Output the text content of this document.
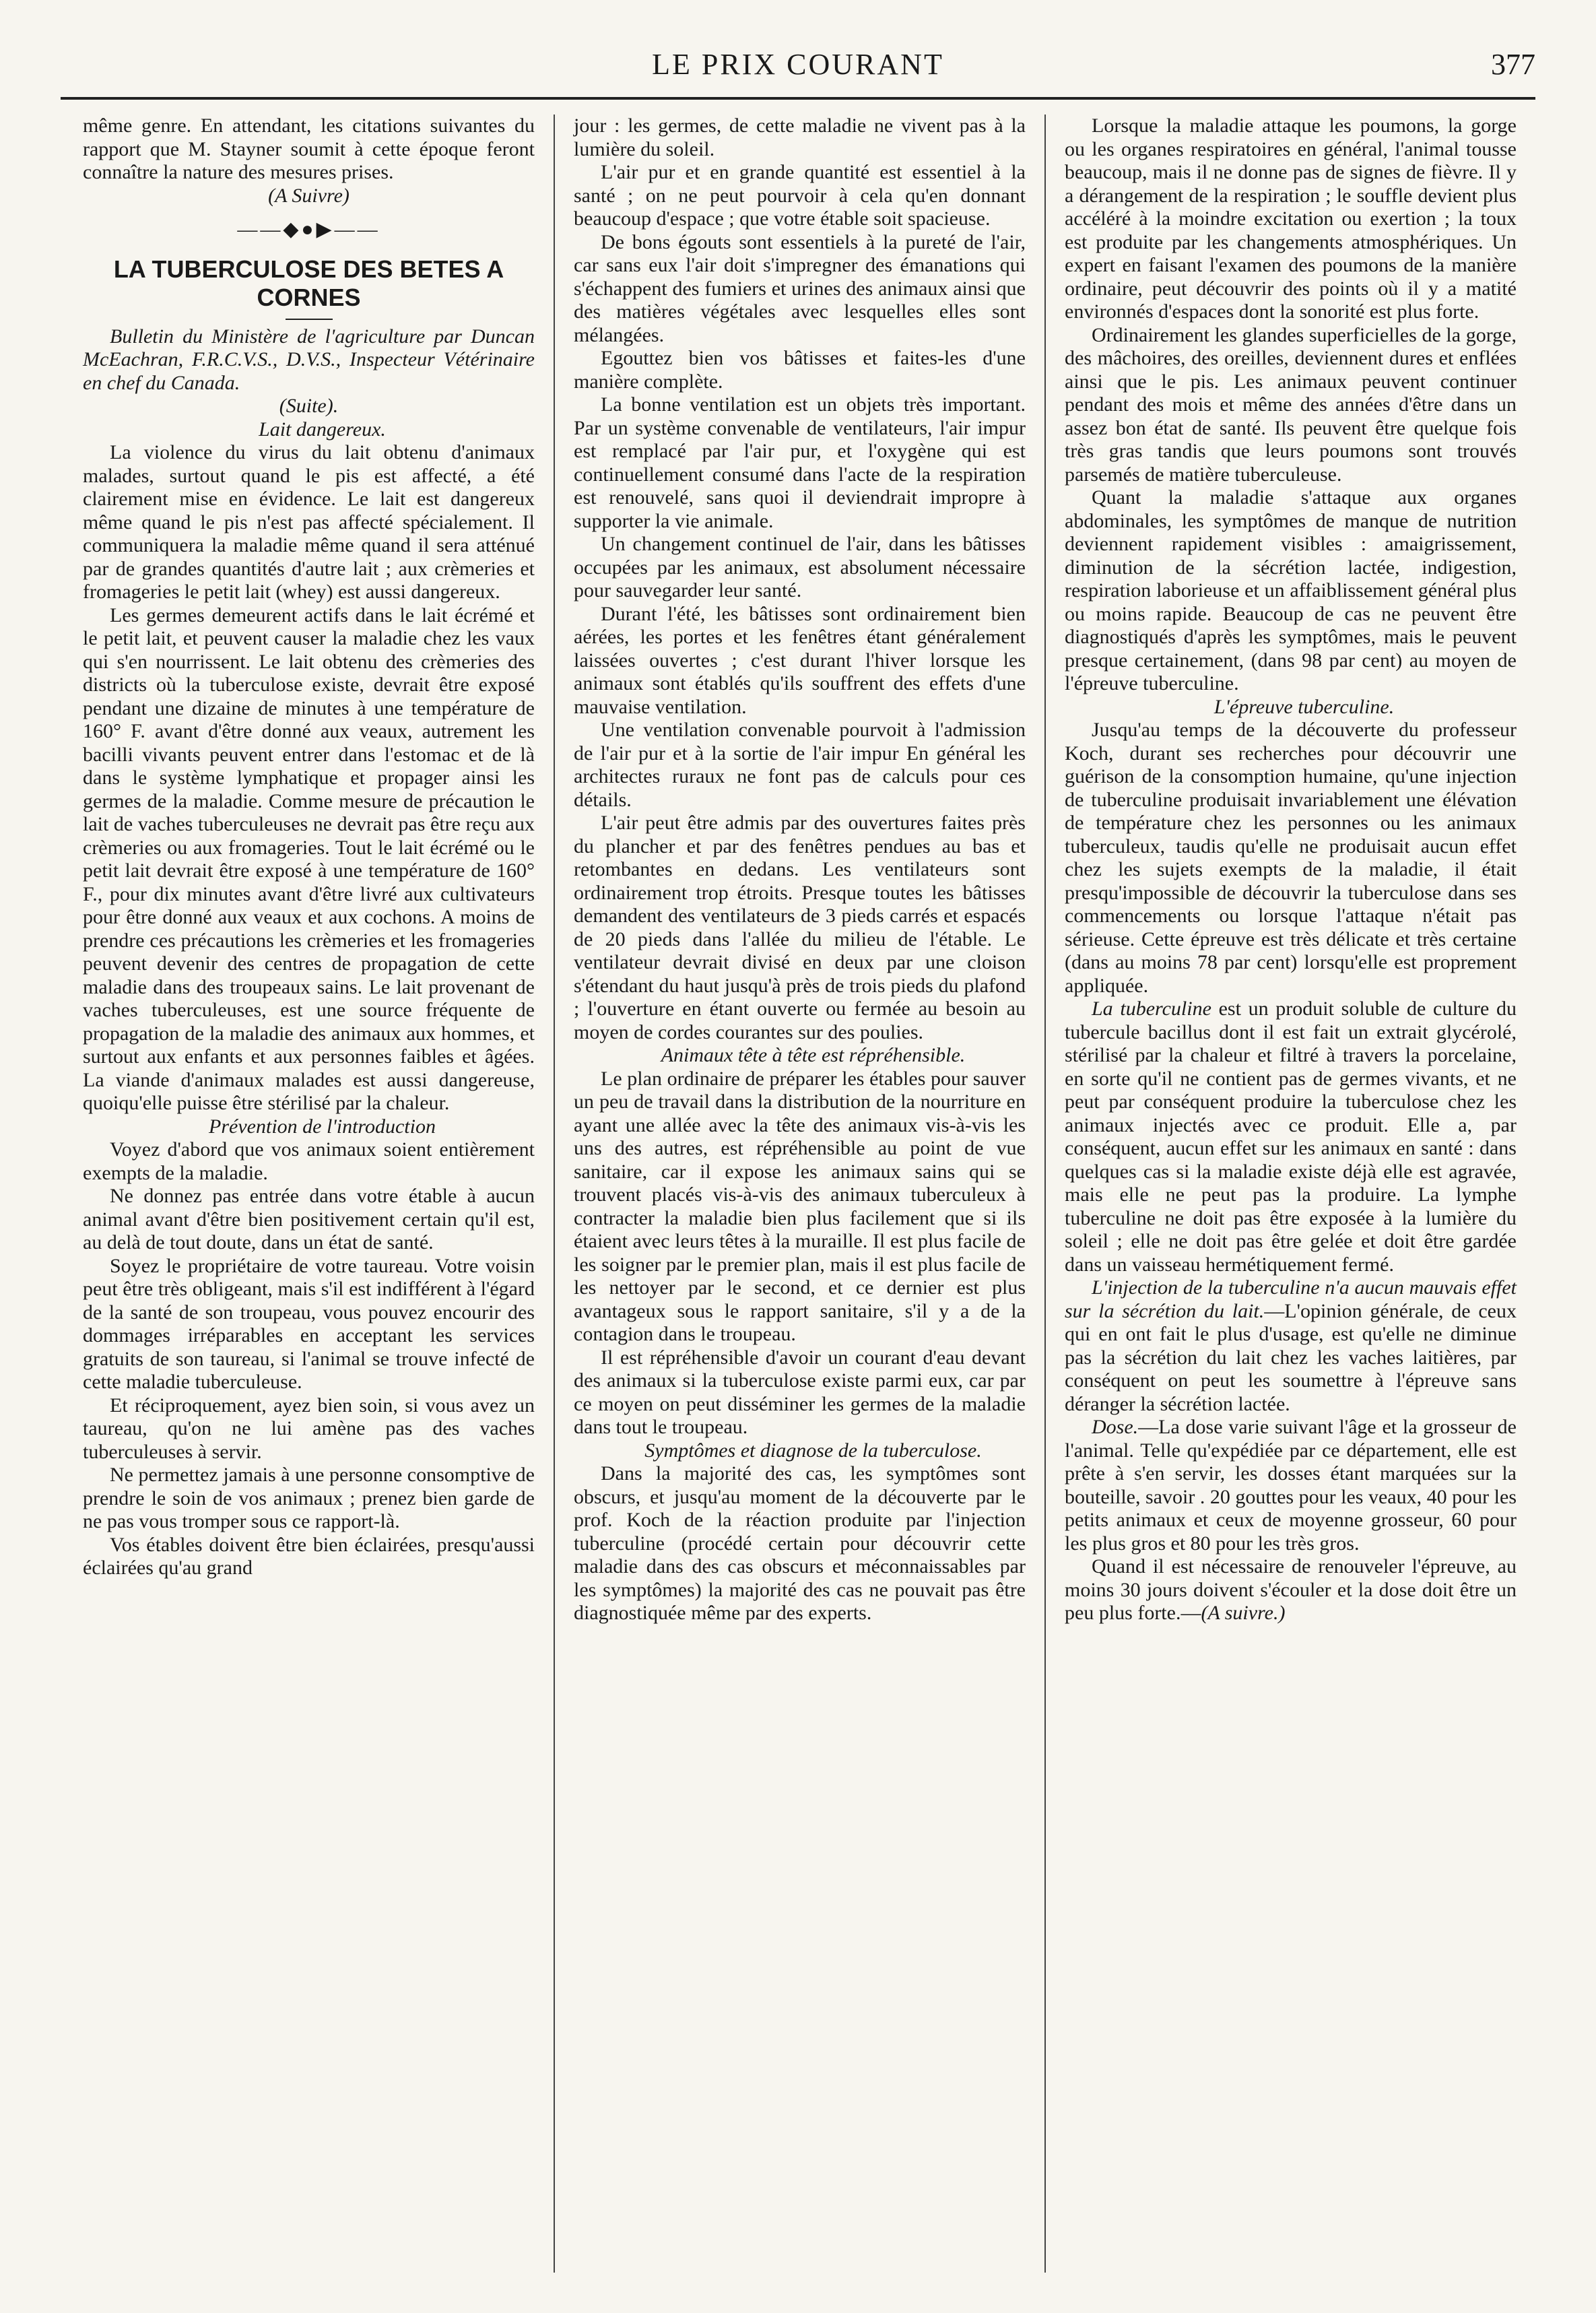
LE PRIX COURANT	377

même genre. En attendant, les citations suivantes du rapport que M. Stayner soumit à cette époque feront connaître la nature des mesures prises.

(A Suivre)

——◆●▶——
LA TUBERCULOSE DES BETES A CORNES

Bulletin du Ministère de l'agriculture par Duncan McEachran, F.R.C.V.S., D.V.S., Inspecteur Vétérinaire en chef du Canada.

(Suite).

Lait dangereux.

La violence du virus du lait obtenu d'animaux malades, surtout quand le pis est affecté, a été clairement mise en évidence. Le lait est dangereux même quand le pis n'est pas affecté spécialement. Il communiquera la maladie même quand il sera atténué par de grandes quantités d'autre lait ; aux crèmeries et fromageries le petit lait (whey) est aussi dangereux.

Les germes demeurent actifs dans le lait écrémé et le petit lait, et peuvent causer la maladie chez les vaux qui s'en nourrissent. Le lait obtenu des crèmeries des districts où la tuberculose existe, devrait être exposé pendant une dizaine de minutes à une température de 160° F. avant d'être donné aux veaux, autrement les bacilli vivants peuvent entrer dans l'estomac et de là dans le système lymphatique et propager ainsi les germes de la maladie. Comme mesure de précaution le lait de vaches tuberculeuses ne devrait pas être reçu aux crèmeries ou aux fromageries. Tout le lait écrémé ou le petit lait devrait être exposé à une température de 160° F., pour dix minutes avant d'être livré aux cultivateurs pour être donné aux veaux et aux cochons. A moins de prendre ces précautions les crèmeries et les fromageries peuvent devenir des centres de propagation de cette maladie dans des troupeaux sains. Le lait provenant de vaches tuberculeuses, est une source fréquente de propagation de la maladie des animaux aux hommes, et surtout aux enfants et aux personnes faibles et âgées. La viande d'animaux malades est aussi dangereuse, quoiqu'elle puisse être stérilisé par la chaleur.

Prévention de l'introduction

Voyez d'abord que vos animaux soient entièrement exempts de la maladie.

Ne donnez pas entrée dans votre étable à aucun animal avant d'être bien positivement certain qu'il est, au delà de tout doute, dans un état de santé.

Soyez le propriétaire de votre taureau. Votre voisin peut être très obligeant, mais s'il est indifférent à l'égard de la santé de son troupeau, vous pouvez encourir des dommages irréparables en acceptant les services gratuits de son taureau, si l'animal se trouve infecté de cette maladie tuberculeuse.

Et réciproquement, ayez bien soin, si vous avez un taureau, qu'on ne lui amène pas des vaches tuberculeuses à servir.

Ne permettez jamais à une personne consomptive de prendre le soin de vos animaux ; prenez bien garde de ne pas vous tromper sous ce rapport-là.

Vos étables doivent être bien éclairées, presqu'aussi éclairées qu'au grand

jour : les germes, de cette maladie ne vivent pas à la lumière du soleil.

L'air pur et en grande quantité est essentiel à la santé ; on ne peut pourvoir à cela qu'en donnant beaucoup d'espace ; que votre étable soit spacieuse.

De bons égouts sont essentiels à la pureté de l'air, car sans eux l'air doit s'impregner des émanations qui s'échappent des fumiers et urines des animaux ainsi que des matières végétales avec lesquelles elles sont mélangées.

Egouttez bien vos bâtisses et faites-les d'une manière complète.

La bonne ventilation est un objets très important. Par un système convenable de ventilateurs, l'air impur est remplacé par l'air pur, et l'oxygène qui est continuellement consumé dans l'acte de la respiration est renouvelé, sans quoi il deviendrait impropre à supporter la vie animale.

Un changement continuel de l'air, dans les bâtisses occupées par les animaux, est absolument nécessaire pour sauvegarder leur santé.

Durant l'été, les bâtisses sont ordinairement bien aérées, les portes et les fenêtres étant généralement laissées ouvertes ; c'est durant l'hiver lorsque les animaux sont établés qu'ils souffrent des effets d'une mauvaise ventilation.

Une ventilation convenable pourvoit à l'admission de l'air pur et à la sortie de l'air impur En général les architectes ruraux ne font pas de calculs pour ces détails.

L'air peut être admis par des ouvertures faites près du plancher et par des fenêtres pendues au bas et retombantes en dedans. Les ventilateurs sont ordinairement trop étroits. Presque toutes les bâtisses demandent des ventilateurs de 3 pieds carrés et espacés de 20 pieds dans l'allée du milieu de l'étable. Le ventilateur devrait divisé en deux par une cloison s'étendant du haut jusqu'à près de trois pieds du plafond ; l'ouverture en étant ouverte ou fermée au besoin au moyen de cordes courantes sur des poulies.

Animaux tête à tête est répréhensible.

Le plan ordinaire de préparer les étables pour sauver un peu de travail dans la distribution de la nourriture en ayant une allée avec la tête des animaux vis-à-vis les uns des autres, est répréhensible au point de vue sanitaire, car il expose les animaux sains qui se trouvent placés vis-à-vis des animaux tuberculeux à contracter la maladie bien plus facilement que si ils étaient avec leurs têtes à la muraille. Il est plus facile de les soigner par le premier plan, mais il est plus facile de les nettoyer par le second, et ce dernier est plus avantageux sous le rapport sanitaire, s'il y a de la contagion dans le troupeau.

Il est répréhensible d'avoir un courant d'eau devant des animaux si la tuberculose existe parmi eux, car par ce moyen on peut disséminer les germes de la maladie dans tout le troupeau.

Symptômes et diagnose de la tuberculose.

Dans la majorité des cas, les symptômes sont obscurs, et jusqu'au moment de la découverte par le prof. Koch de la réaction produite par l'injection tuberculine (procédé certain pour découvrir cette maladie dans des cas obscurs et méconnaissables par les symptômes) la majorité des cas ne pouvait pas être diagnostiquée même par des experts.

Lorsque la maladie attaque les poumons, la gorge ou les organes respiratoires en général, l'animal tousse beaucoup, mais il ne donne pas de signes de fièvre. Il y a dérangement de la respiration ; le souffle devient plus accéléré à la moindre excitation ou exertion ; la toux est produite par les changements atmosphériques. Un expert en faisant l'examen des poumons de la manière ordinaire, peut découvrir des points où il y a matité environnés d'espaces dont la sonorité est plus forte.

Ordinairement les glandes superficielles de la gorge, des mâchoires, des oreilles, deviennent dures et enflées ainsi que le pis. Les animaux peuvent continuer pendant des mois et même des années d'être dans un assez bon état de santé. Ils peuvent être quelque fois très gras tandis que leurs poumons sont trouvés parsemés de matière tuberculeuse.

Quant la maladie s'attaque aux organes abdominales, les symptômes de manque de nutrition deviennent rapidement visibles : amaigrissement, diminution de la sécrétion lactée, indigestion, respiration laborieuse et un affaiblissement général plus ou moins rapide. Beaucoup de cas ne peuvent être diagnostiqués d'après les symptômes, mais le peuvent presque certainement, (dans 98 par cent) au moyen de l'épreuve tuberculine.

L'épreuve tuberculine.

Jusqu'au temps de la découverte du professeur Koch, durant ses recherches pour découvrir une guérison de la consomption humaine, qu'une injection de tuberculine produisait invariablement une élévation de température chez les personnes ou les animaux tuberculeux, taudis qu'elle ne produisait aucun effet chez les sujets exempts de la maladie, il était presqu'impossible de découvrir la tuberculose dans ses commencements ou lorsque l'attaque n'était pas sérieuse. Cette épreuve est très délicate et très certaine (dans au moins 78 par cent) lorsqu'elle est proprement appliquée.

La tuberculine est un produit soluble de culture du tubercule bacillus dont il est fait un extrait glycérolé, stérilisé par la chaleur et filtré à travers la porcelaine, en sorte qu'il ne contient pas de germes vivants, et ne peut par conséquent produire la tuberculose chez les animaux injectés avec ce produit. Elle a, par conséquent, aucun effet sur les animaux en santé : dans quelques cas si la maladie existe déjà elle est agravée, mais elle ne peut pas la produire. La lymphe tuberculine ne doit pas être exposée à la lumière du soleil ; elle ne doit pas être gelée et doit être gardée dans un vaisseau hermétiquement fermé.

L'injection de la tuberculine n'a aucun mauvais effet sur la sécrétion du lait.—L'opinion générale, de ceux qui en ont fait le plus d'usage, est qu'elle ne diminue pas la sécrétion du lait chez les vaches laitières, par conséquent on peut les soumettre à l'épreuve sans déranger la sécrétion lactée.

Dose.—La dose varie suivant l'âge et la grosseur de l'animal. Telle qu'expédiée par ce département, elle est prête à s'en servir, les dosses étant marquées sur la bouteille, savoir . 20 gouttes pour les veaux, 40 pour les petits animaux et ceux de moyenne grosseur, 60 pour les plus gros et 80 pour les très gros.

Quand il est nécessaire de renouveler l'épreuve, au moins 30 jours doivent s'écouler et la dose doit être un peu plus forte.—(A suivre.)
